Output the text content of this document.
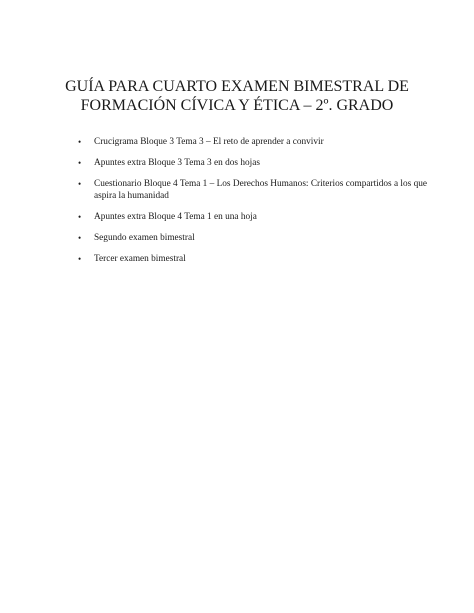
GUÍA PARA CUARTO EXAMEN BIMESTRAL DE
FORMACIÓN CÍVICA Y ÉTICA – 2º. GRADO
• Crucigrama Bloque 3 Tema 3 – El reto de aprender a convivir
• Apuntes extra Bloque 3 Tema 3 en dos hojas
• Cuestionario Bloque 4 Tema 1 – Los Derechos Humanos: Criterios compartidos a los que aspira la humanidad
• Apuntes extra Bloque 4 Tema 1 en una hoja
• Segundo examen bimestral
• Tercer examen bimestral
